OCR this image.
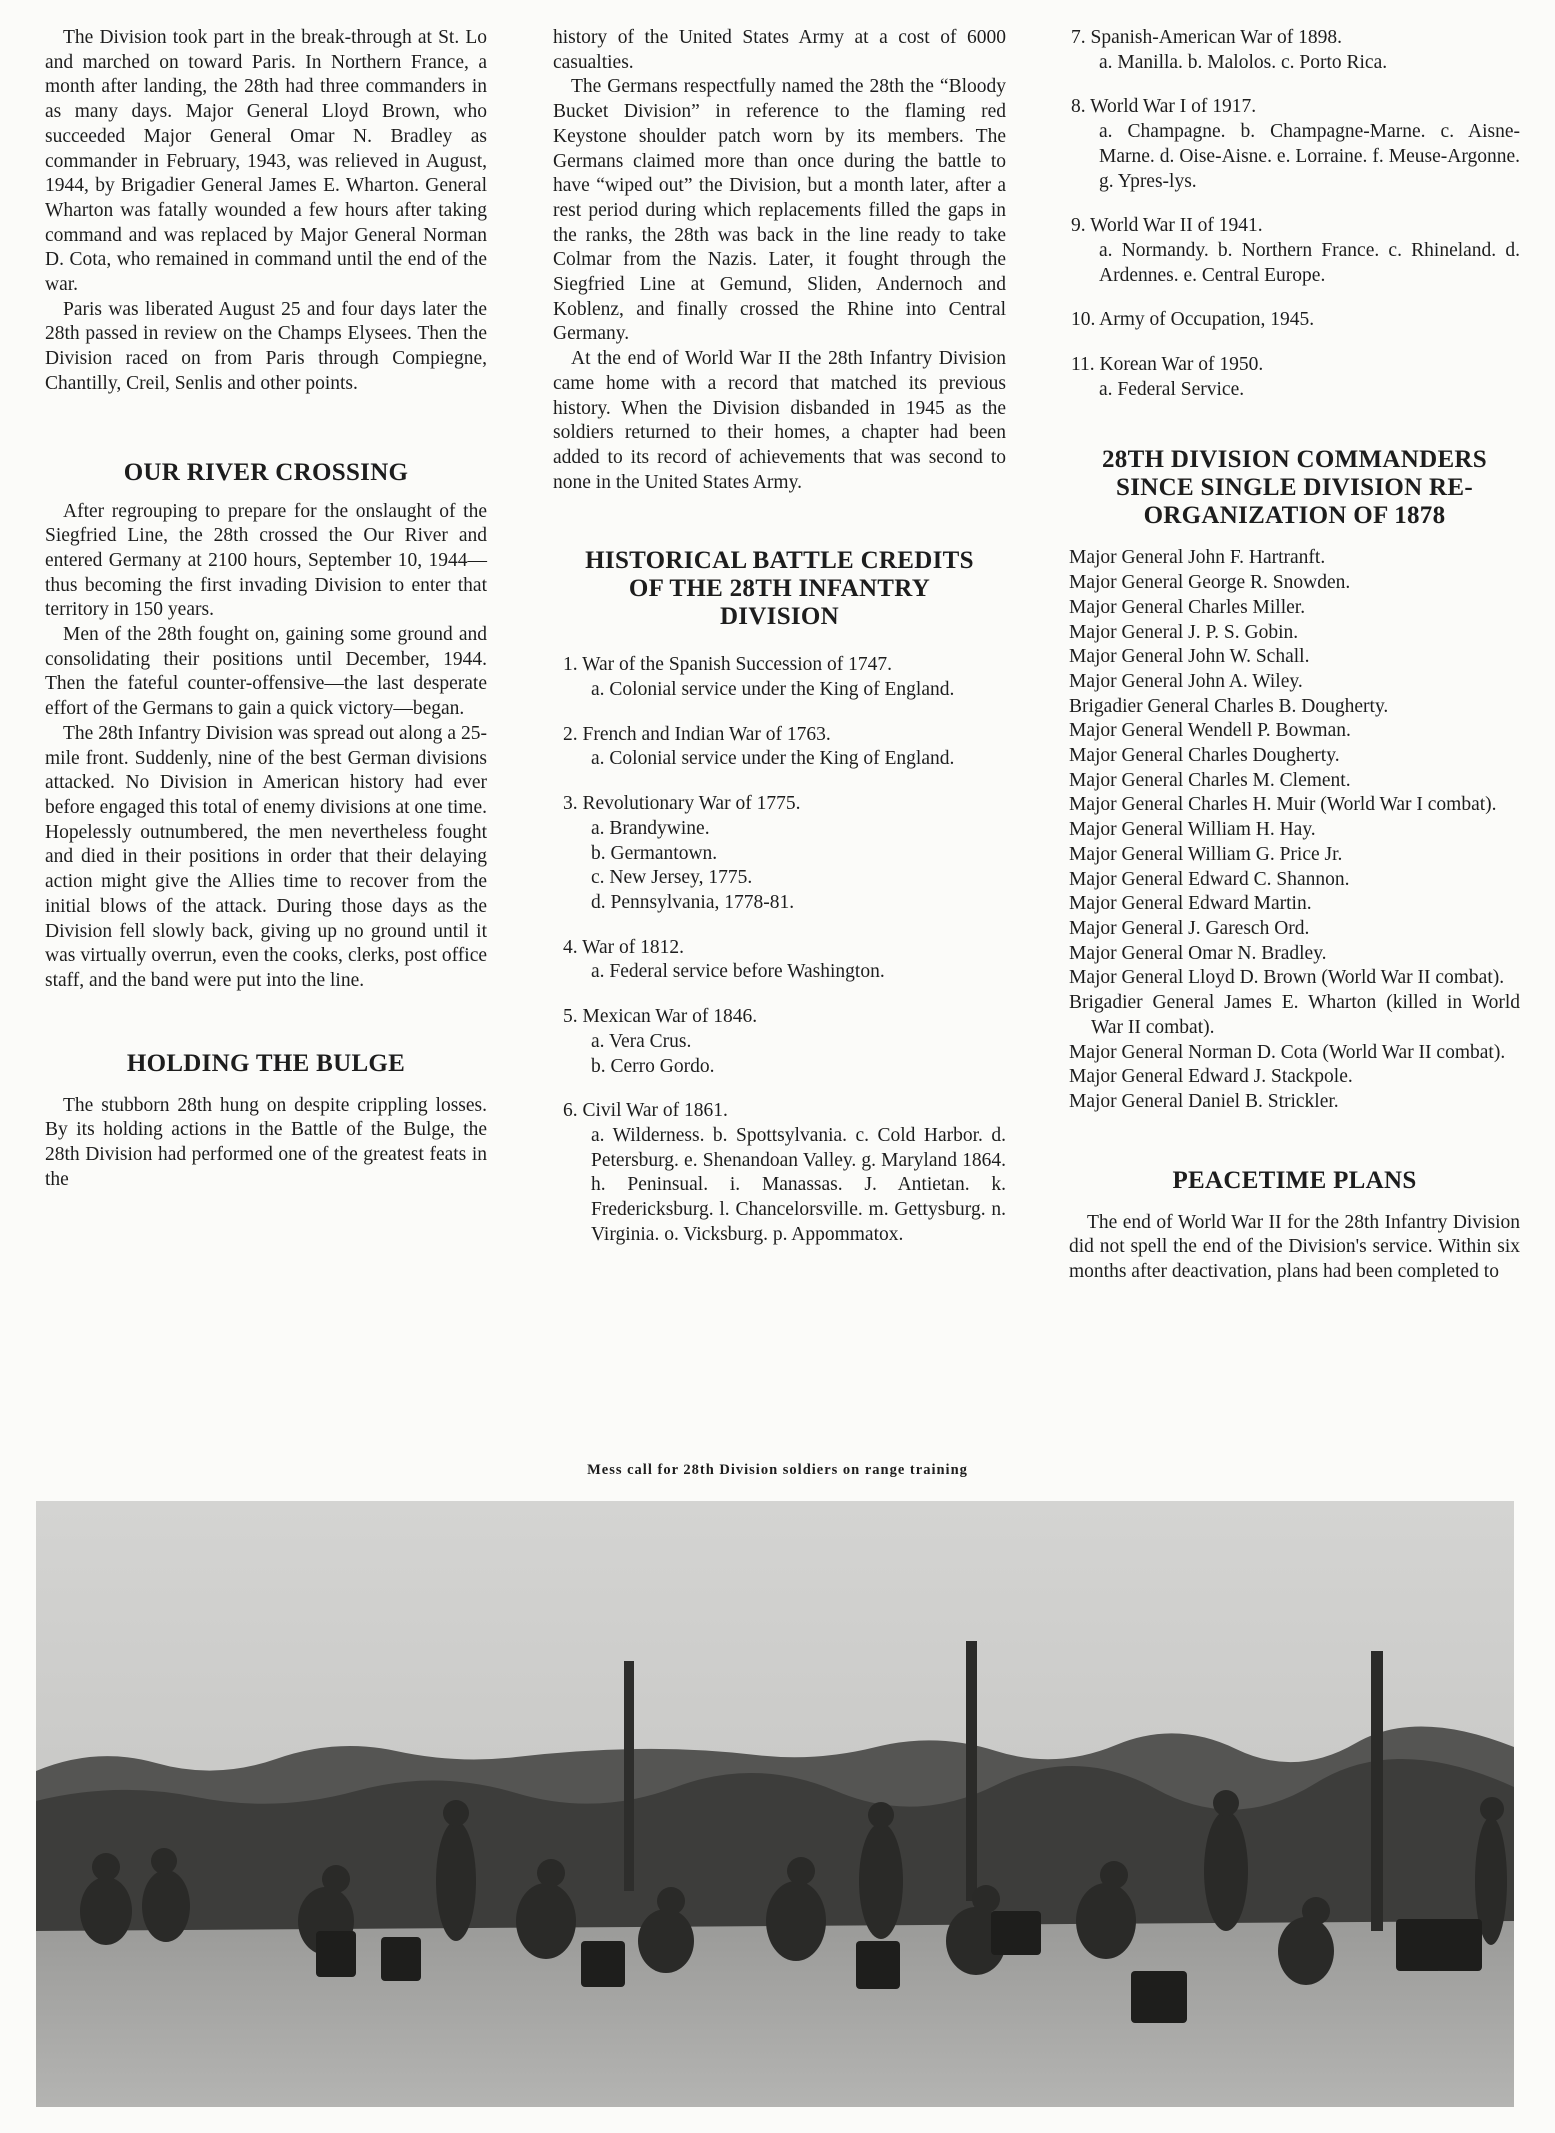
The Division took part in the break-through at St. Lo and marched on toward Paris. In Northern France, a month after landing, the 28th had three commanders in as many days. Major General Lloyd Brown, who succeeded Major General Omar N. Bradley as commander in February, 1943, was relieved in August, 1944, by Brigadier General James E. Wharton. General Wharton was fatally wounded a few hours after taking command and was replaced by Major General Norman D. Cota, who remained in command until the end of the war.

Paris was liberated August 25 and four days later the 28th passed in review on the Champs Elysees. Then the Division raced on from Paris through Compiegne, Chantilly, Creil, Senlis and other points.

OUR RIVER CROSSING

After regrouping to prepare for the onslaught of the Siegfried Line, the 28th crossed the Our River and entered Germany at 2100 hours, September 10, 1944—thus becoming the first invading Division to enter that territory in 150 years.

Men of the 28th fought on, gaining some ground and consolidating their positions until December, 1944. Then the fateful counter-offensive—the last desperate effort of the Germans to gain a quick victory—began.

The 28th Infantry Division was spread out along a 25-mile front. Suddenly, nine of the best German divisions attacked. No Division in American history had ever before engaged this total of enemy divisions at one time. Hopelessly outnumbered, the men nevertheless fought and died in their positions in order that their delaying action might give the Allies time to recover from the initial blows of the attack. During those days as the Division fell slowly back, giving up no ground until it was virtually overrun, even the cooks, clerks, post office staff, and the band were put into the line.

HOLDING THE BULGE

The stubborn 28th hung on despite crippling losses. By its holding actions in the Battle of the Bulge, the 28th Division had performed one of the greatest feats in the

history of the United States Army at a cost of 6000 casualties.

The Germans respectfully named the 28th the “Bloody Bucket Division” in reference to the flaming red Keystone shoulder patch worn by its members. The Germans claimed more than once during the battle to have “wiped out” the Division, but a month later, after a rest period during which replacements filled the gaps in the ranks, the 28th was back in the line ready to take Colmar from the Nazis. Later, it fought through the Siegfried Line at Gemund, Sliden, Andernoch and Koblenz, and finally crossed the Rhine into Central Germany.

At the end of World War II the 28th Infantry Division came home with a record that matched its previous history. When the Division disbanded in 1945 as the soldiers returned to their homes, a chapter had been added to its record of achievements that was second to none in the United States Army.

HISTORICAL BATTLE CREDITS
OF THE 28TH INFANTRY
DIVISION
1. War of the Spanish Succession of 1747.
a. Colonial service under the King of England.
2. French and Indian War of 1763.
a. Colonial service under the King of England.
3. Revolutionary War of 1775.
a. Brandywine.
b. Germantown.
c. New Jersey, 1775.
d. Pennsylvania, 1778-81.
4. War of 1812.
a. Federal service before Washington.
5. Mexican War of 1846.
a. Vera Crus.
b. Cerro Gordo.
6. Civil War of 1861.
a. Wilderness. b. Spottsylvania. c. Cold Harbor. d. Petersburg. e. Shenandoan Valley. g. Maryland 1864. h. Peninsual. i. Manassas. J. Antietan. k. Fredericksburg. l. Chancelorsville. m. Gettysburg. n. Virginia. o. Vicksburg. p. Appommatox.
7. Spanish-American War of 1898.
a. Manilla. b. Malolos. c. Porto Rica.
8. World War I of 1917.
a. Champagne. b. Champagne-Marne. c. Aisne-Marne. d. Oise-Aisne. e. Lorraine. f. Meuse-Argonne. g. Ypres-lys.
9. World War II of 1941.
a. Normandy. b. Northern France. c. Rhineland. d. Ardennes. e. Central Europe.
10. Army of Occupation, 1945.
11. Korean War of 1950.
a. Federal Service.
28TH DIVISION COMMANDERS
SINCE SINGLE DIVISION RE-
ORGANIZATION OF 1878
Major General John F. Hartranft.
Major General George R. Snowden.
Major General Charles Miller.
Major General J. P. S. Gobin.
Major General John W. Schall.
Major General John A. Wiley.
Brigadier General Charles B. Dougherty.
Major General Wendell P. Bowman.
Major General Charles Dougherty.
Major General Charles M. Clement.
Major General Charles H. Muir (World War I combat).
Major General William H. Hay.
Major General William G. Price Jr.
Major General Edward C. Shannon.
Major General Edward Martin.
Major General J. Garesch Ord.
Major General Omar N. Bradley.
Major General Lloyd D. Brown (World War II combat).
Brigadier General James E. Wharton (killed in World War II combat).
Major General Norman D. Cota (World War II combat).
Major General Edward J. Stackpole.
Major General Daniel B. Strickler.
PEACETIME PLANS

The end of World War II for the 28th Infantry Division did not spell the end of the Division's service. Within six months after deactivation, plans had been completed to

Mess call for 28th Division soldiers on range training
